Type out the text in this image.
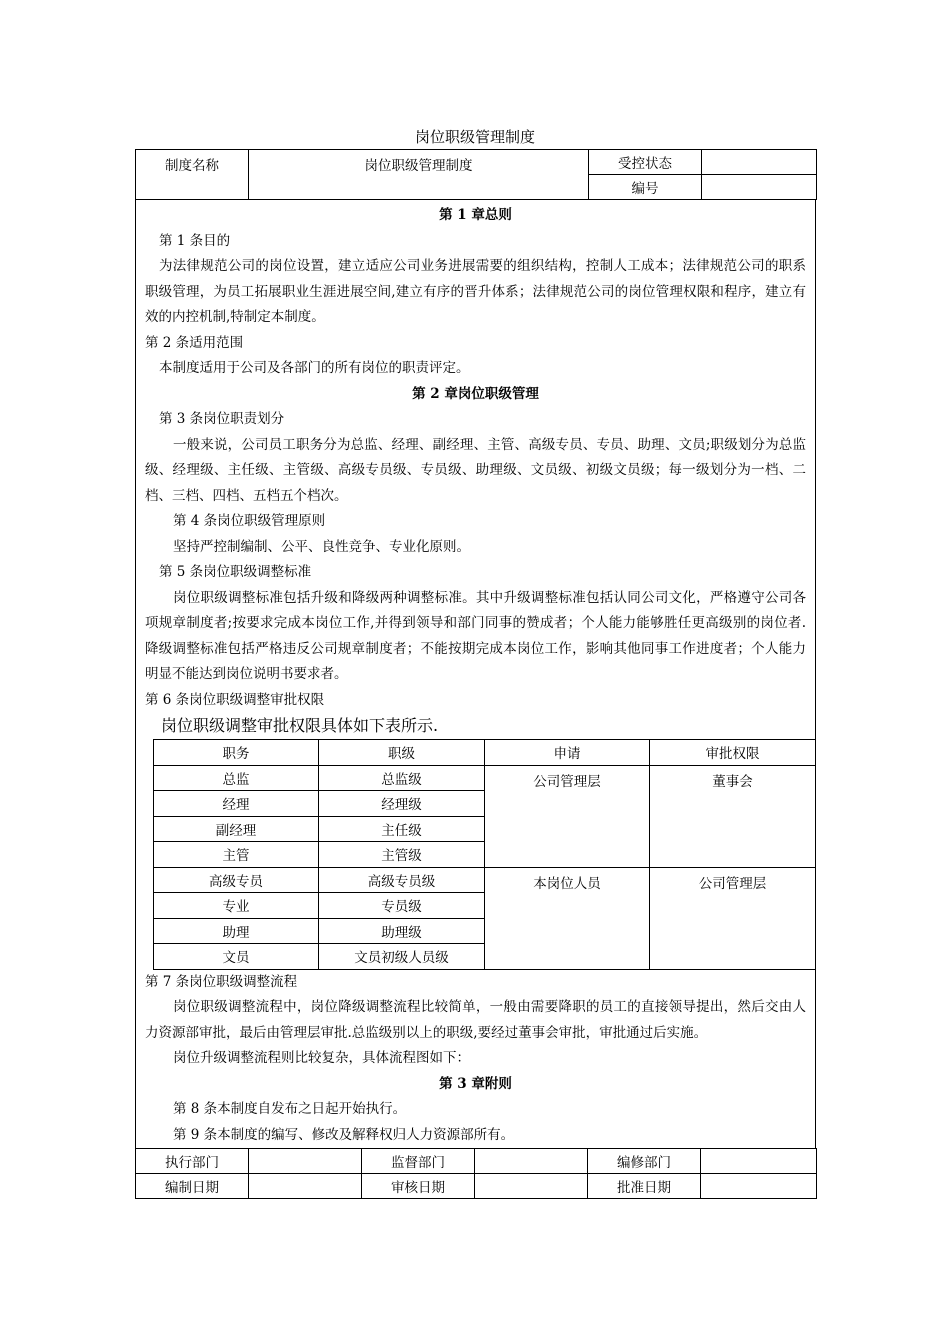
岗位职级管理制度
制度名称	岗位职级管理制度	受控状态	
		编号	

第 1 章总则

第 1 条目的

为法律规范公司的岗位设置，建立适应公司业务进展需要的组织结构，控制人工成本；法律规范公司的职系职级管理，为员工拓展职业生涯进展空间,建立有序的晋升体系；法律规范公司的岗位管理权限和程序，建立有效的内控机制,特制定本制度。

第 2 条适用范围

本制度适用于公司及各部门的所有岗位的职责评定。

第 2 章岗位职级管理

第 3 条岗位职责划分

一般来说，公司员工职务分为总监、经理、副经理、主管、高级专员、专员、助理、文员;职级划分为总监级、经理级、主任级、主管级、高级专员级、专员级、助理级、文员级、初级文员级；每一级划分为一档、二档、三档、四档、五档五个档次。

第 4 条岗位职级管理原则

坚持严控制编制、公平、良性竞争、专业化原则。

第 5 条岗位职级调整标准

岗位职级调整标准包括升级和降级两种调整标准。其中升级调整标准包括认同公司文化，严格遵守公司各项规章制度者;按要求完成本岗位工作,并得到领导和部门同事的赞成者；个人能力能够胜任更高级别的岗位者.降级调整标准包括严格违反公司规章制度者；不能按期完成本岗位工作，影响其他同事工作进度者；个人能力明显不能达到岗位说明书要求者。

第 6 条岗位职级调整审批权限

岗位职级调整审批权限具体如下表所示.

职务	职级	申请	审批权限
总监	总监级	公司管理层	董事会
经理	经理级		
副经理	主任级		
主管	主管级		
高级专员	高级专员级	本岗位人员	公司管理层
专业	专员级		
助理	助理级		
文员	文员初级人员级		

第 7 条岗位职级调整流程

岗位职级调整流程中，岗位降级调整流程比较简单，一般由需要降职的员工的直接领导提出，然后交由人力资源部审批，最后由管理层审批.总监级别以上的职级,要经过董事会审批，审批通过后实施。

岗位升级调整流程则比较复杂，具体流程图如下：

第 3 章附则

第 8 条本制度自发布之日起开始执行。

第 9 条本制度的编写、修改及解释权归人力资源部所有。

执行部门		监督部门		编修部门	
编制日期		审核日期		批准日期	
